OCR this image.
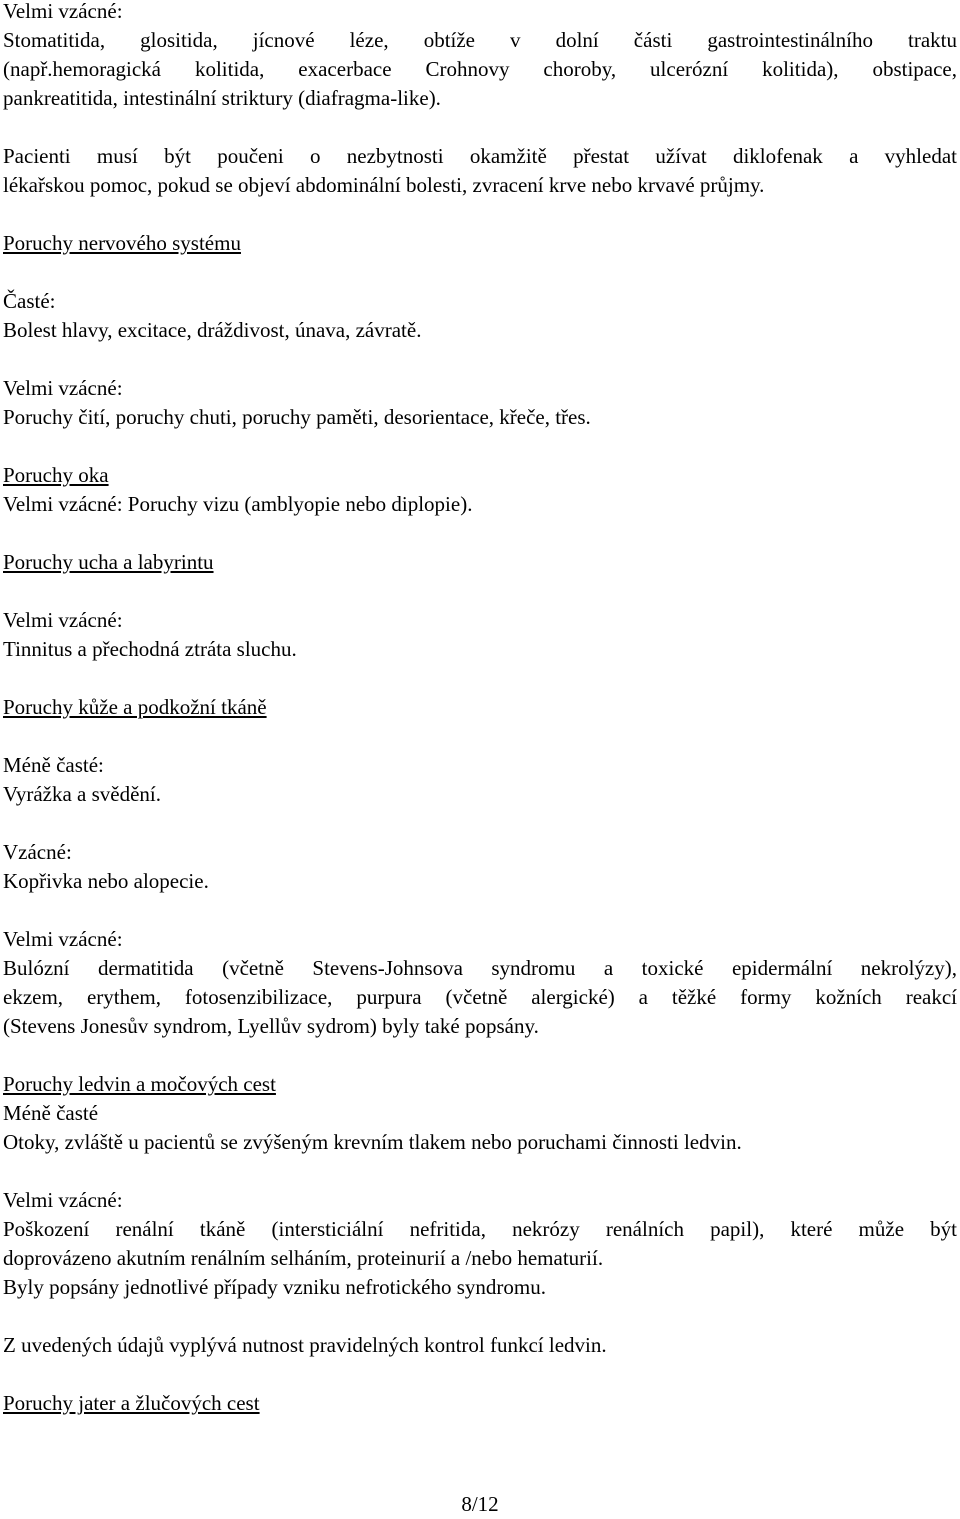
Velmi vzácné:
Stomatitida, glositida, jícnové léze, obtíže v dolní části gastrointestinálního traktu
(např.hemoragická kolitida, exacerbace Crohnovy choroby, ulcerózní kolitida), obstipace,
pankreatitida, intestinální striktury (diafragma-like).
Pacienti musí být poučeni o nezbytnosti okamžitě přestat užívat diklofenak a vyhledat
lékařskou pomoc, pokud se objeví abdominální bolesti, zvracení krve nebo krvavé průjmy.
Poruchy nervového systému
Časté:
Bolest hlavy, excitace, dráždivost, únava, závratě.
Velmi vzácné:
Poruchy čití, poruchy chuti, poruchy paměti, desorientace, křeče, třes.
Poruchy oka
Velmi vzácné: Poruchy vizu (amblyopie nebo diplopie).
Poruchy ucha a labyrintu
Velmi vzácné:
Tinnitus a přechodná ztráta sluchu.
Poruchy kůže a podkožní tkáně
Méně časté:
Vyrážka a svědění.
Vzácné:
Kopřivka nebo alopecie.
Velmi vzácné:
Bulózní dermatitida (včetně Stevens-Johnsova syndromu a toxické epidermální nekrolýzy),
ekzem, erythem, fotosenzibilizace, purpura (včetně alergické) a těžké formy kožních reakcí
(Stevens Jonesův syndrom, Lyellův sydrom) byly také popsány.
Poruchy ledvin a močových cest
Méně časté
Otoky, zvláště u pacientů se zvýšeným krevním tlakem nebo poruchami činnosti ledvin.
Velmi vzácné:
Poškození renální tkáně (intersticiální nefritida, nekrózy renálních papil), které může být
doprovázeno akutním renálním selháním, proteinurií a /nebo hematurií.
Byly popsány jednotlivé případy vzniku nefrotického syndromu.
Z uvedených údajů vyplývá nutnost pravidelných kontrol funkcí ledvin.
Poruchy jater a žlučových cest
8/12
